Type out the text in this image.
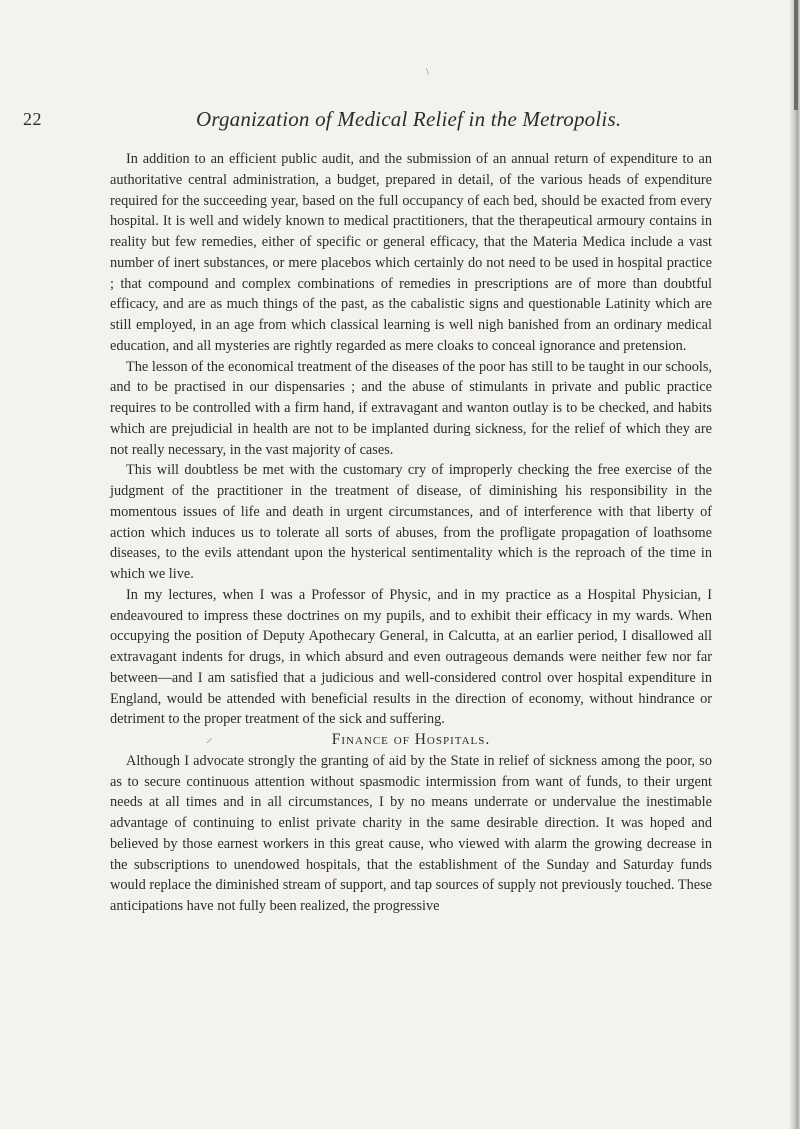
\
⸝
22	Organization of Medical Relief in the Metropolis.

In addition to an efficient public audit, and the submission of an annual return of expenditure to an authoritative central administration, a budget, prepared in detail, of the various heads of expenditure required for the succeeding year, based on the full occupancy of each bed, should be exacted from every hospital. It is well and widely known to medical practitioners, that the therapeutical armoury contains in reality but few remedies, either of specific or general efficacy, that the Materia Medica include a vast number of inert substances, or mere placebos which certainly do not need to be used in hospital practice ; that compound and complex combinations of remedies in prescriptions are of more than doubtful efficacy, and are as much things of the past, as the cabalistic signs and questionable Latinity which are still employed, in an age from which classical learning is well nigh banished from an ordinary medical education, and all mysteries are rightly regarded as mere cloaks to conceal ignorance and pretension.

The lesson of the economical treatment of the diseases of the poor has still to be taught in our schools, and to be practised in our dispensaries ; and the abuse of stimulants in private and public practice requires to be controlled with a firm hand, if extravagant and wanton outlay is to be checked, and habits which are prejudicial in health are not to be implanted during sickness, for the relief of which they are not really necessary, in the vast majority of cases.

This will doubtless be met with the customary cry of improperly checking the free exercise of the judgment of the practitioner in the treatment of disease, of diminishing his responsibility in the momentous issues of life and death in urgent circumstances, and of interference with that liberty of action which induces us to tolerate all sorts of abuses, from the profligate propagation of loathsome diseases, to the evils attendant upon the hysterical sentimentality which is the reproach of the time in which we live.

In my lectures, when I was a Professor of Physic, and in my practice as a Hospital Physician, I endeavoured to impress these doctrines on my pupils, and to exhibit their efficacy in my wards. When occupying the position of Deputy Apothecary General, in Calcutta, at an earlier period, I disallowed all extravagant indents for drugs, in which absurd and even outrageous demands were neither few nor far between—and I am satisfied that a judicious and well-considered control over hospital expenditure in England, would be attended with beneficial results in the direction of economy, without hindrance or detriment to the proper treatment of the sick and suffering.

Finance of Hospitals.

Although I advocate strongly the granting of aid by the State in relief of sickness among the poor, so as to secure continuous attention without spasmodic intermission from want of funds, to their urgent needs at all times and in all circumstances, I by no means underrate or undervalue the inestimable advantage of continuing to enlist private charity in the same desirable direction. It was hoped and believed by those earnest workers in this great cause, who viewed with alarm the growing decrease in the subscriptions to unendowed hospitals, that the establishment of the Sunday and Saturday funds would replace the diminished stream of support, and tap sources of supply not previously touched. These anticipations have not fully been realized, the progressive
